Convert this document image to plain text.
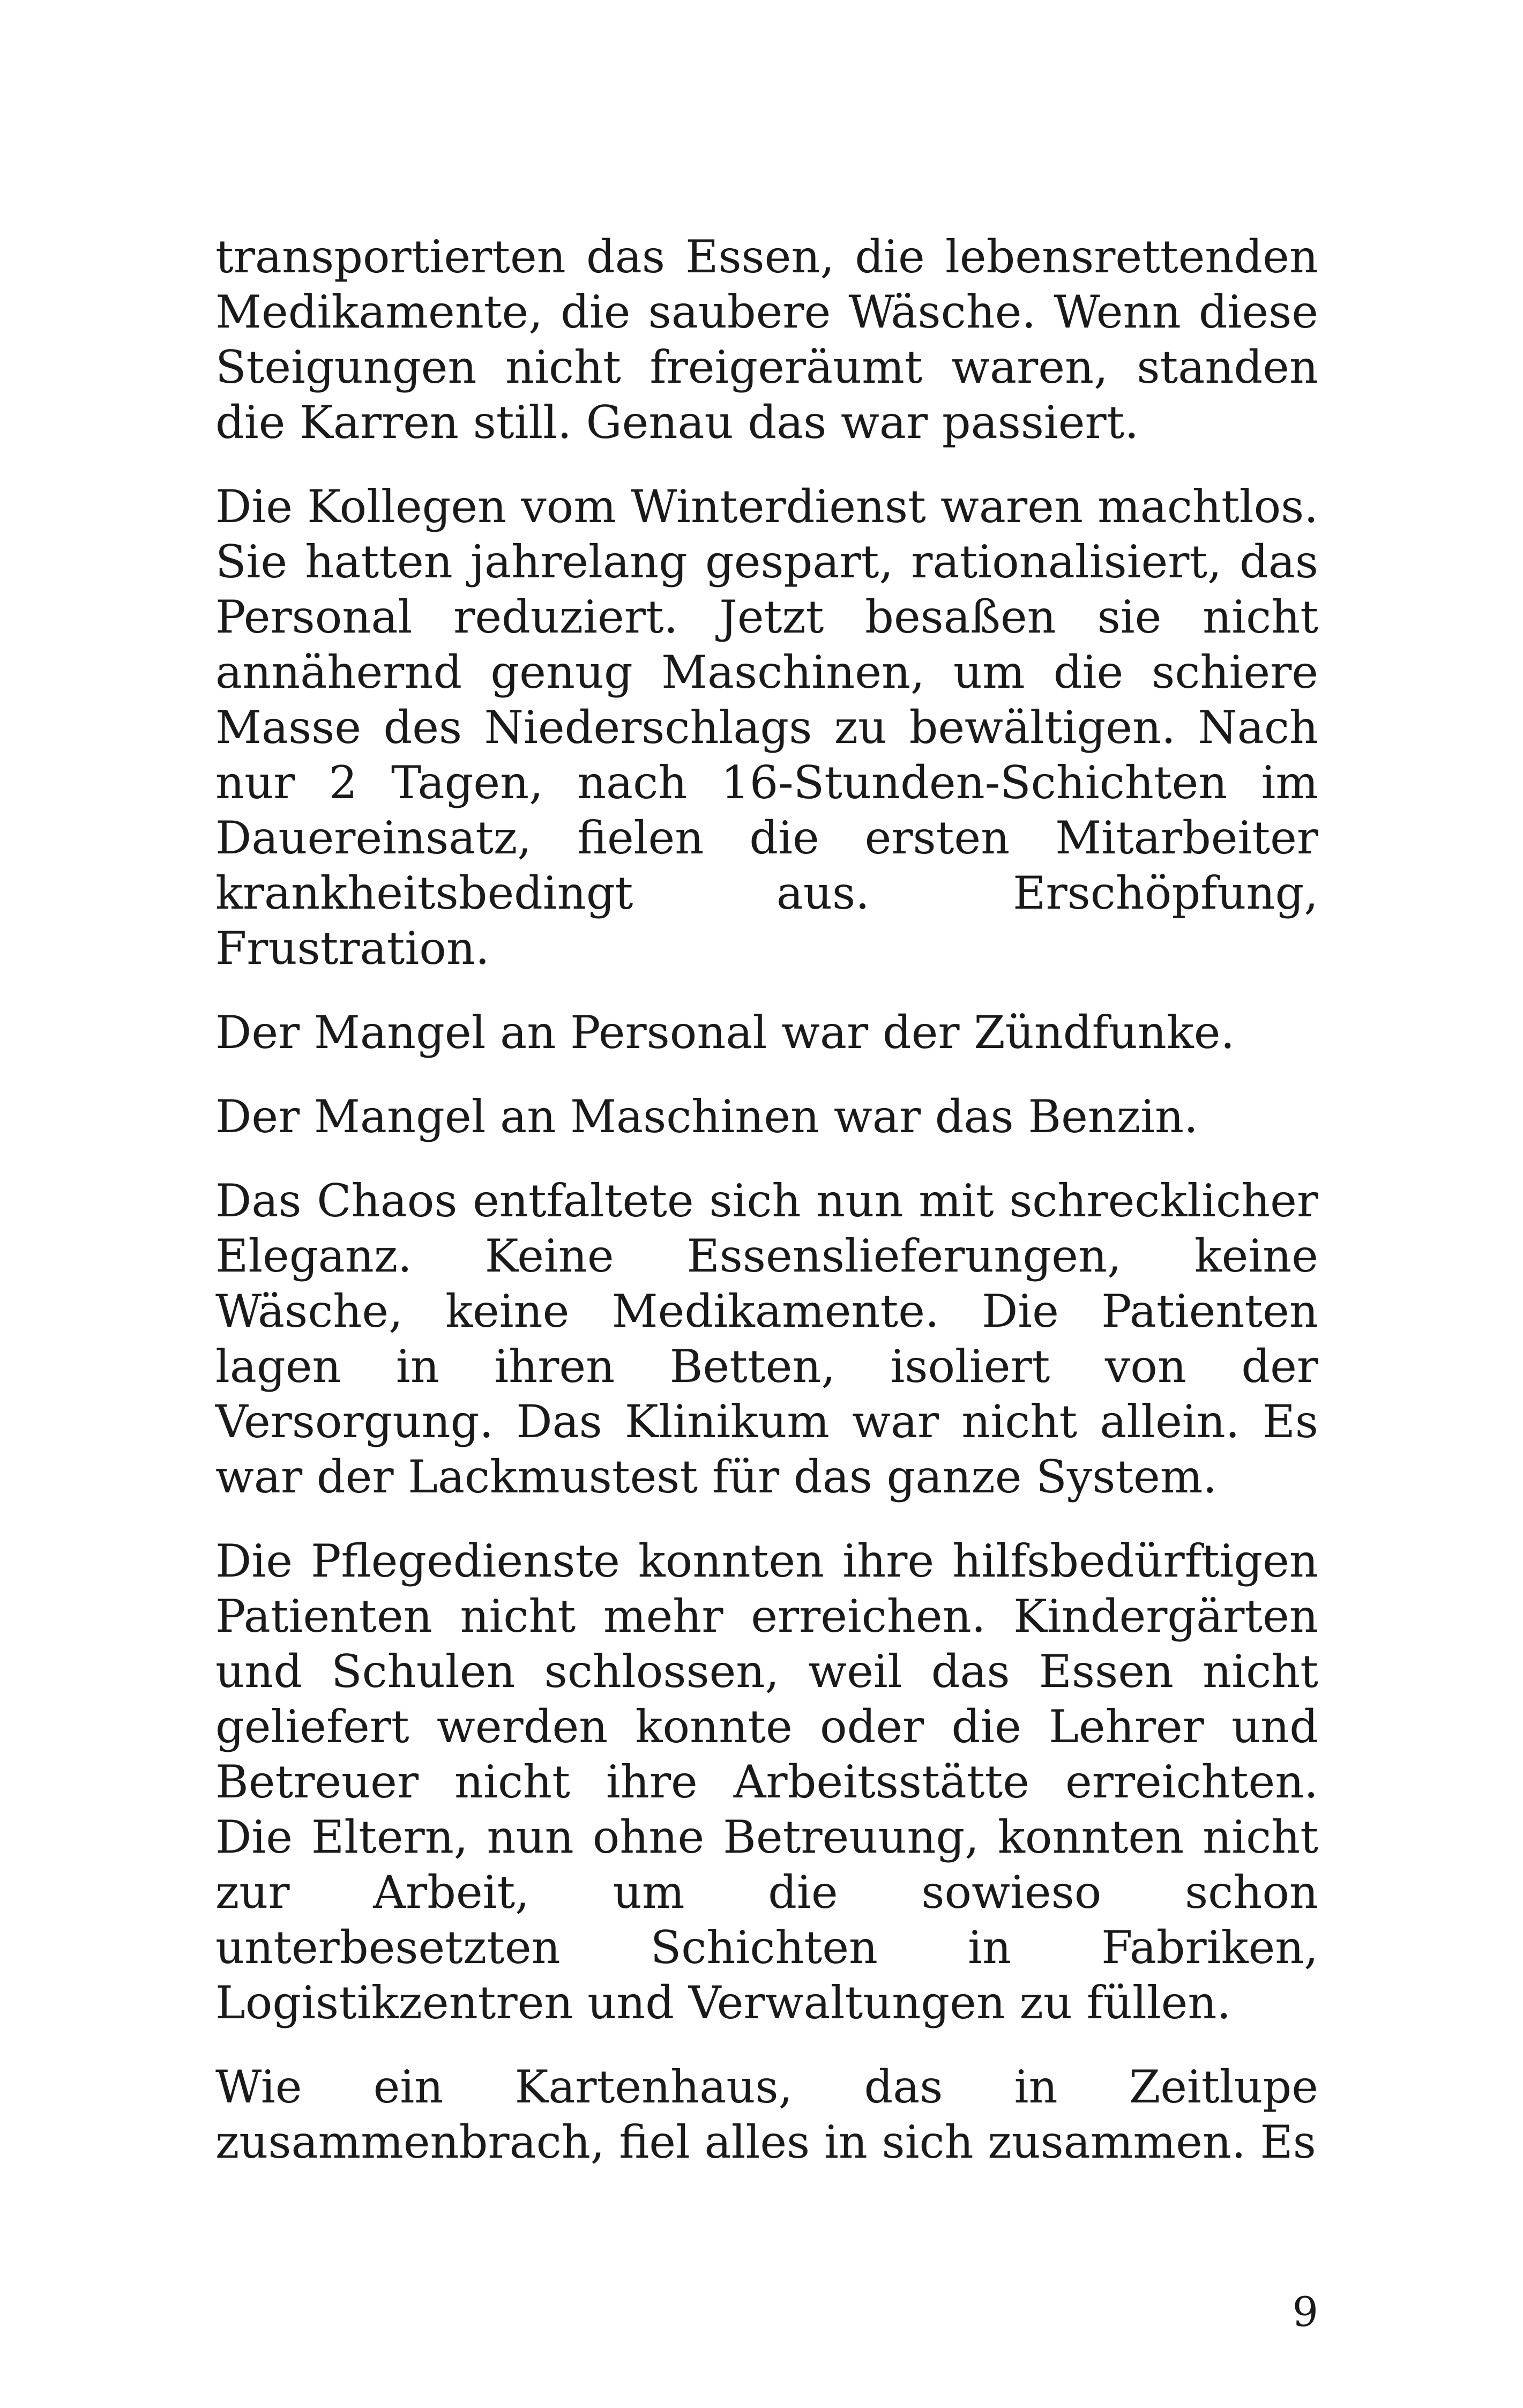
transportierten das Essen, die lebensrettenden Medikamente, die saubere Wäsche. Wenn diese Steigungen nicht freigeräumt waren, standen die Karren still. Genau das war passiert.

Die Kollegen vom Winterdienst waren machtlos. Sie hatten jahrelang gespart, rationalisiert, das Personal reduziert. Jetzt besaßen sie nicht annähernd genug Maschinen, um die schiere Masse des Niederschlags zu bewältigen. Nach nur 2 Tagen, nach 16-Stunden-Schichten im Dauereinsatz, fielen die ersten Mitarbeiter krankheitsbedingt aus. Erschöpfung, Frustration.

Der Mangel an Personal war der Zündfunke.

Der Mangel an Maschinen war das Benzin.

Das Chaos entfaltete sich nun mit schrecklicher Eleganz. Keine Essenslieferungen, keine Wäsche, keine Medikamente. Die Patienten lagen in ihren Betten, isoliert von der Versorgung. Das Klinikum war nicht allein. Es war der Lackmustest für das ganze System.

Die Pflegedienste konnten ihre hilfsbedürftigen Patienten nicht mehr erreichen. Kindergärten und Schulen schlossen, weil das Essen nicht geliefert werden konnte oder die Lehrer und Betreuer nicht ihre Arbeitsstätte erreichten. Die Eltern, nun ohne Betreuung, konnten nicht zur Arbeit, um die sowieso schon unterbesetzten Schichten in Fabriken, Logistikzentren und Verwaltungen zu füllen.

Wie ein Kartenhaus, das in Zeitlupe zusammenbrach, fiel alles in sich zusammen. Es

9
